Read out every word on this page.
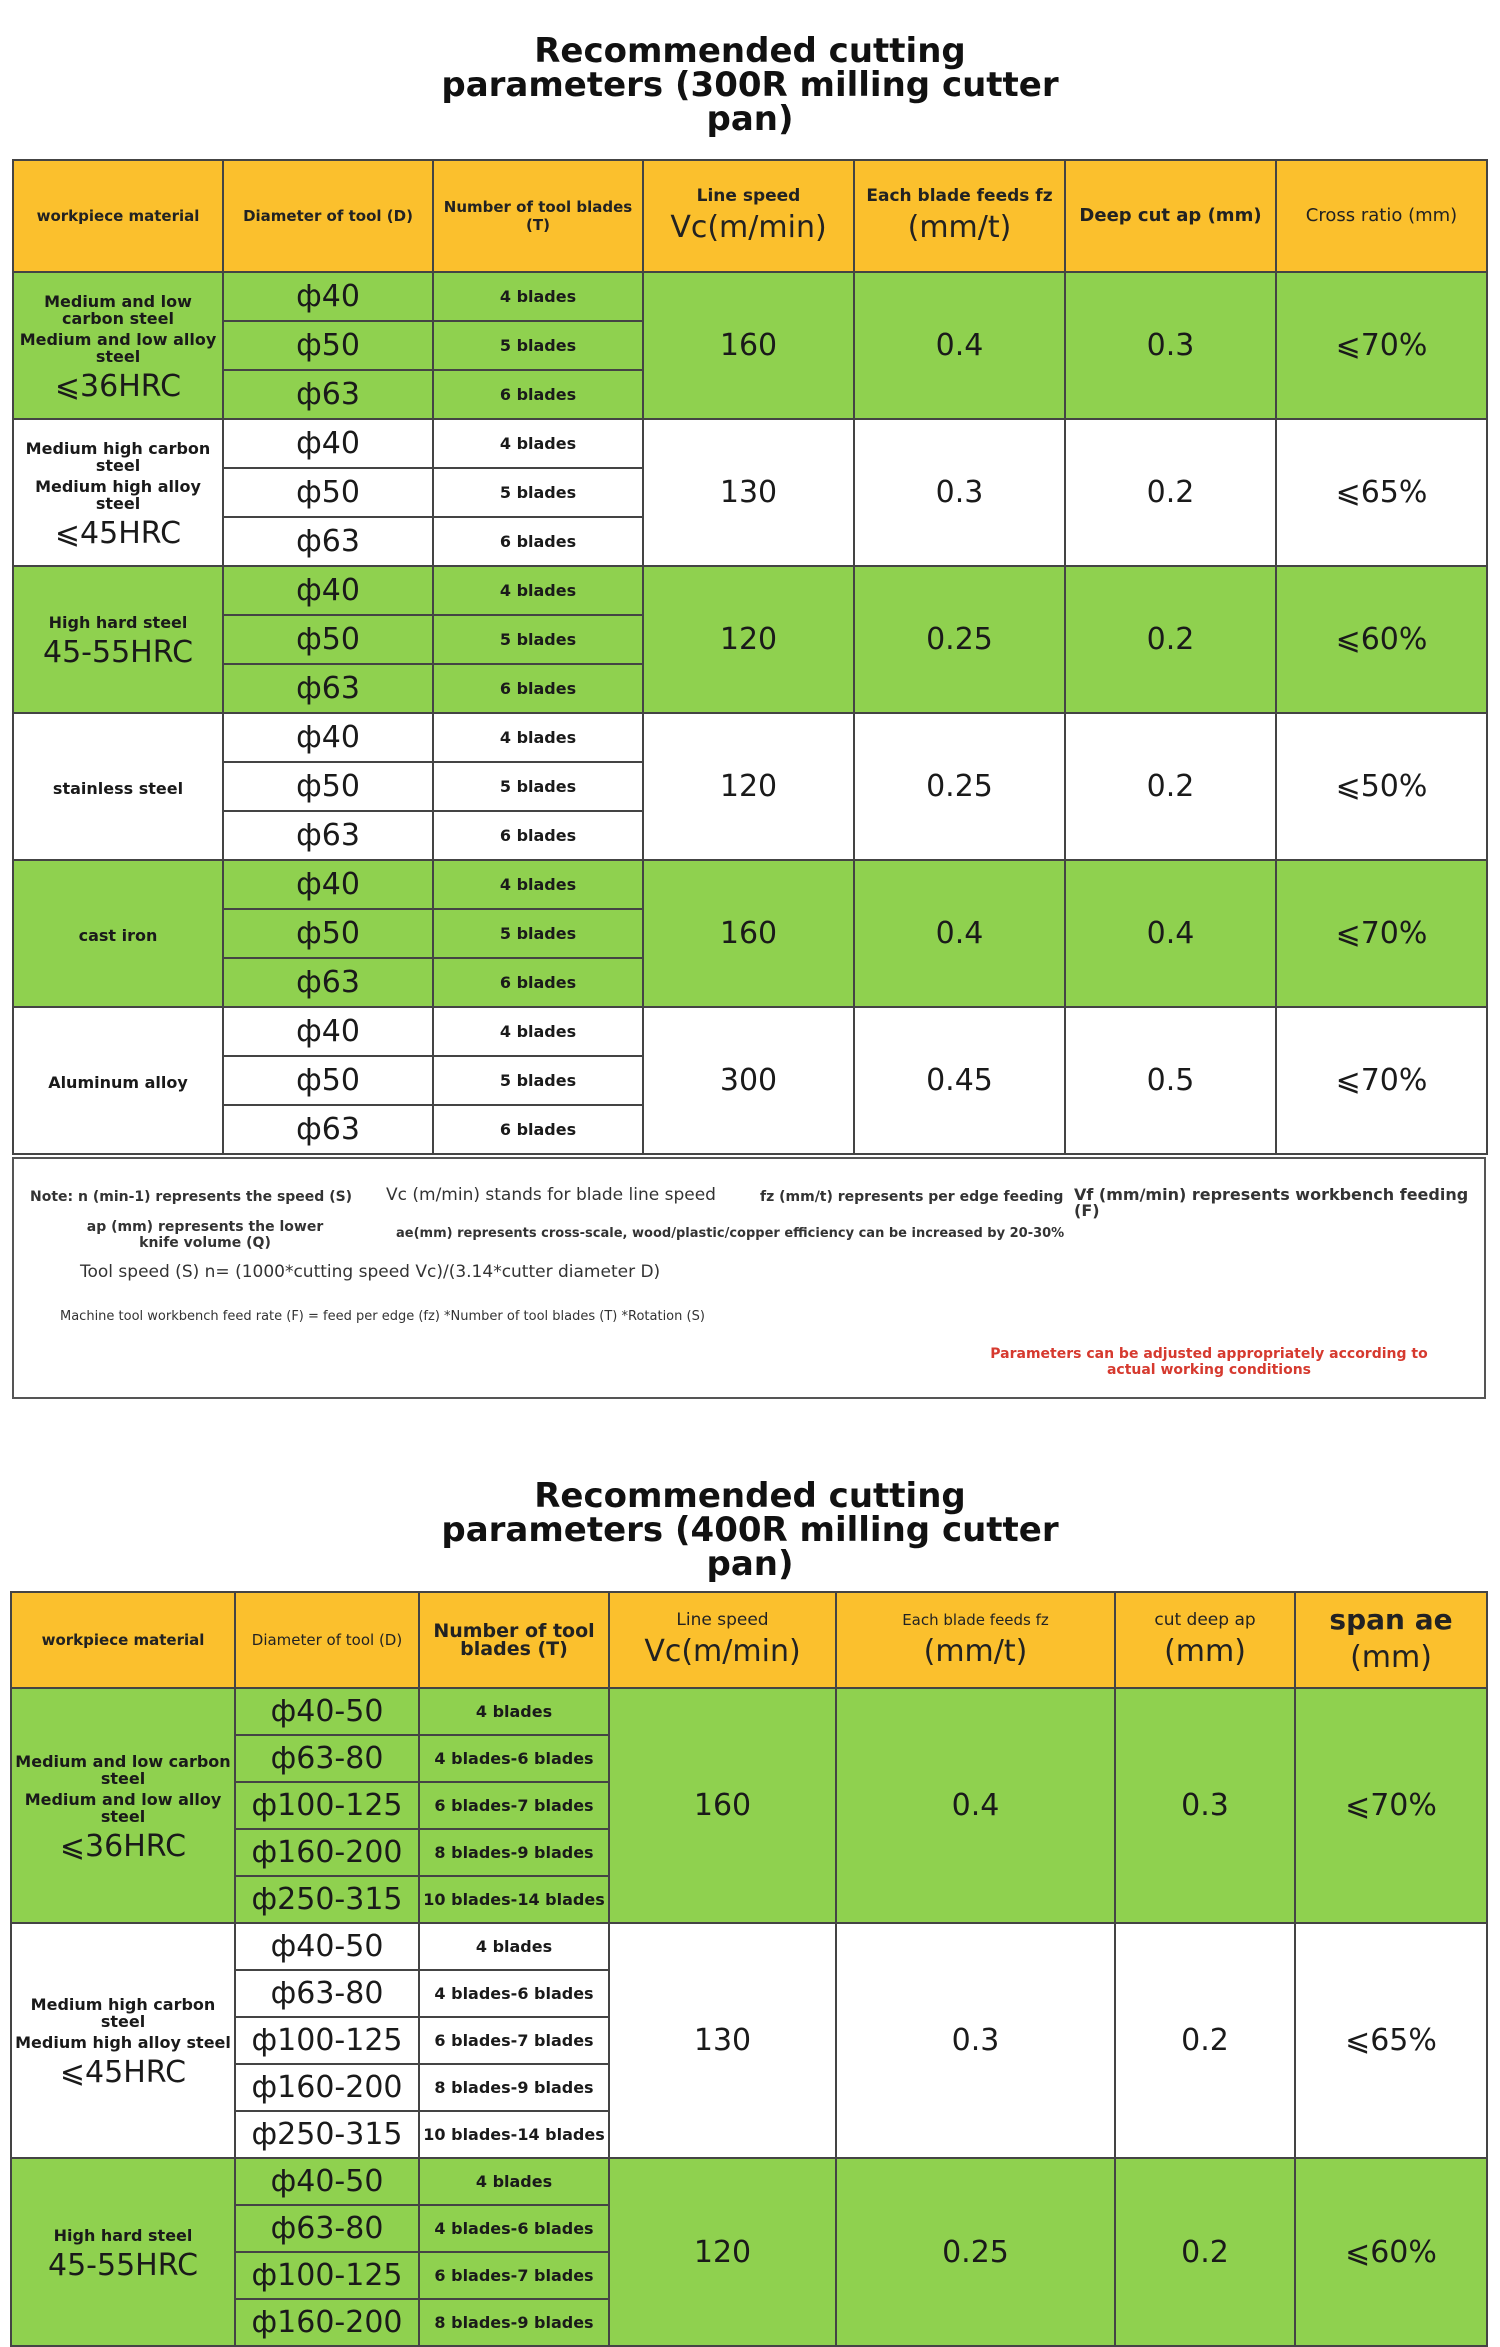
Recommended cutting parameters (300R milling cutter pan)
workpiece material	Diameter of tool (D)	Number of tool blades (T)	Line speed
Vc(m/min)	Each blade feeds fz
(mm/t)	Deep cut ap (mm)	Cross ratio (mm)

Medium and low carbon steel
Medium and low alloy steel
⩽36HRC	ф40	4 blades	160	0.4	0.3	⩽70%
	ф50	5 blades				
	ф63	6 blades				

Medium high carbon steel
Medium high alloy steel
⩽45HRC	ф40	4 blades	130	0.3	0.2	⩽65%
	ф50	5 blades				
	ф63	6 blades				

High hard steel
45-55HRC	ф40	4 blades	120	0.25	0.2	⩽60%
	ф50	5 blades				
	ф63	6 blades				

stainless steel	ф40	4 blades	120	0.25	0.2	⩽50%
	ф50	5 blades				
	ф63	6 blades				

cast iron	ф40	4 blades	160	0.4	0.4	⩽70%
	ф50	5 blades				
	ф63	6 blades				

Aluminum alloy	ф40	4 blades	300	0.45	0.5	⩽70%
	ф50	5 blades				
	ф63	6 blades				
Note: n (min-1) represents the speed (S) Vc (m/min) stands for blade line speed	fz (mm/t) represents per edge feeding Vf (mm/min) represents workbench feeding (F)
ap (mm) represents the lower knife volume (Q)
ae(mm) represents cross-scale, wood/plastic/copper efficiency can be increased by 20-30%
Tool speed (S) n= (1000*cutting speed Vc)/(3.14*cutter diameter D)
Machine tool workbench feed rate (F) = feed per edge (fz) *Number of tool blades (T) *Rotation (S)
Parameters can be adjusted appropriately according to actual working conditions
Recommended cutting parameters (400R milling cutter pan)
workpiece material	Diameter of tool (D)	Number of tool blades (T)	Line speed
Vc(m/min)	Each blade feeds fz
(mm/t)	cut deep ap
(mm)	span ae
(mm)

Medium and low carbon steel
Medium and low alloy steel
⩽36HRC	ф40-50	4 blades	160	0.4	0.3	⩽70%
	ф63-80	4 blades-6 blades				
	ф100-125	6 blades-7 blades				
	ф160-200	8 blades-9 blades				
	ф250-315	10 blades-14 blades				

Medium high carbon steel
Medium high alloy steel
⩽45HRC	ф40-50	4 blades	130	0.3	0.2	⩽65%
	ф63-80	4 blades-6 blades				
	ф100-125	6 blades-7 blades				
	ф160-200	8 blades-9 blades				
	ф250-315	10 blades-14 blades				

High hard steel
45-55HRC	ф40-50	4 blades	120	0.25	0.2	⩽60%
	ф63-80	4 blades-6 blades				
	ф100-125	6 blades-7 blades				
	ф160-200	8 blades-9 blades				
